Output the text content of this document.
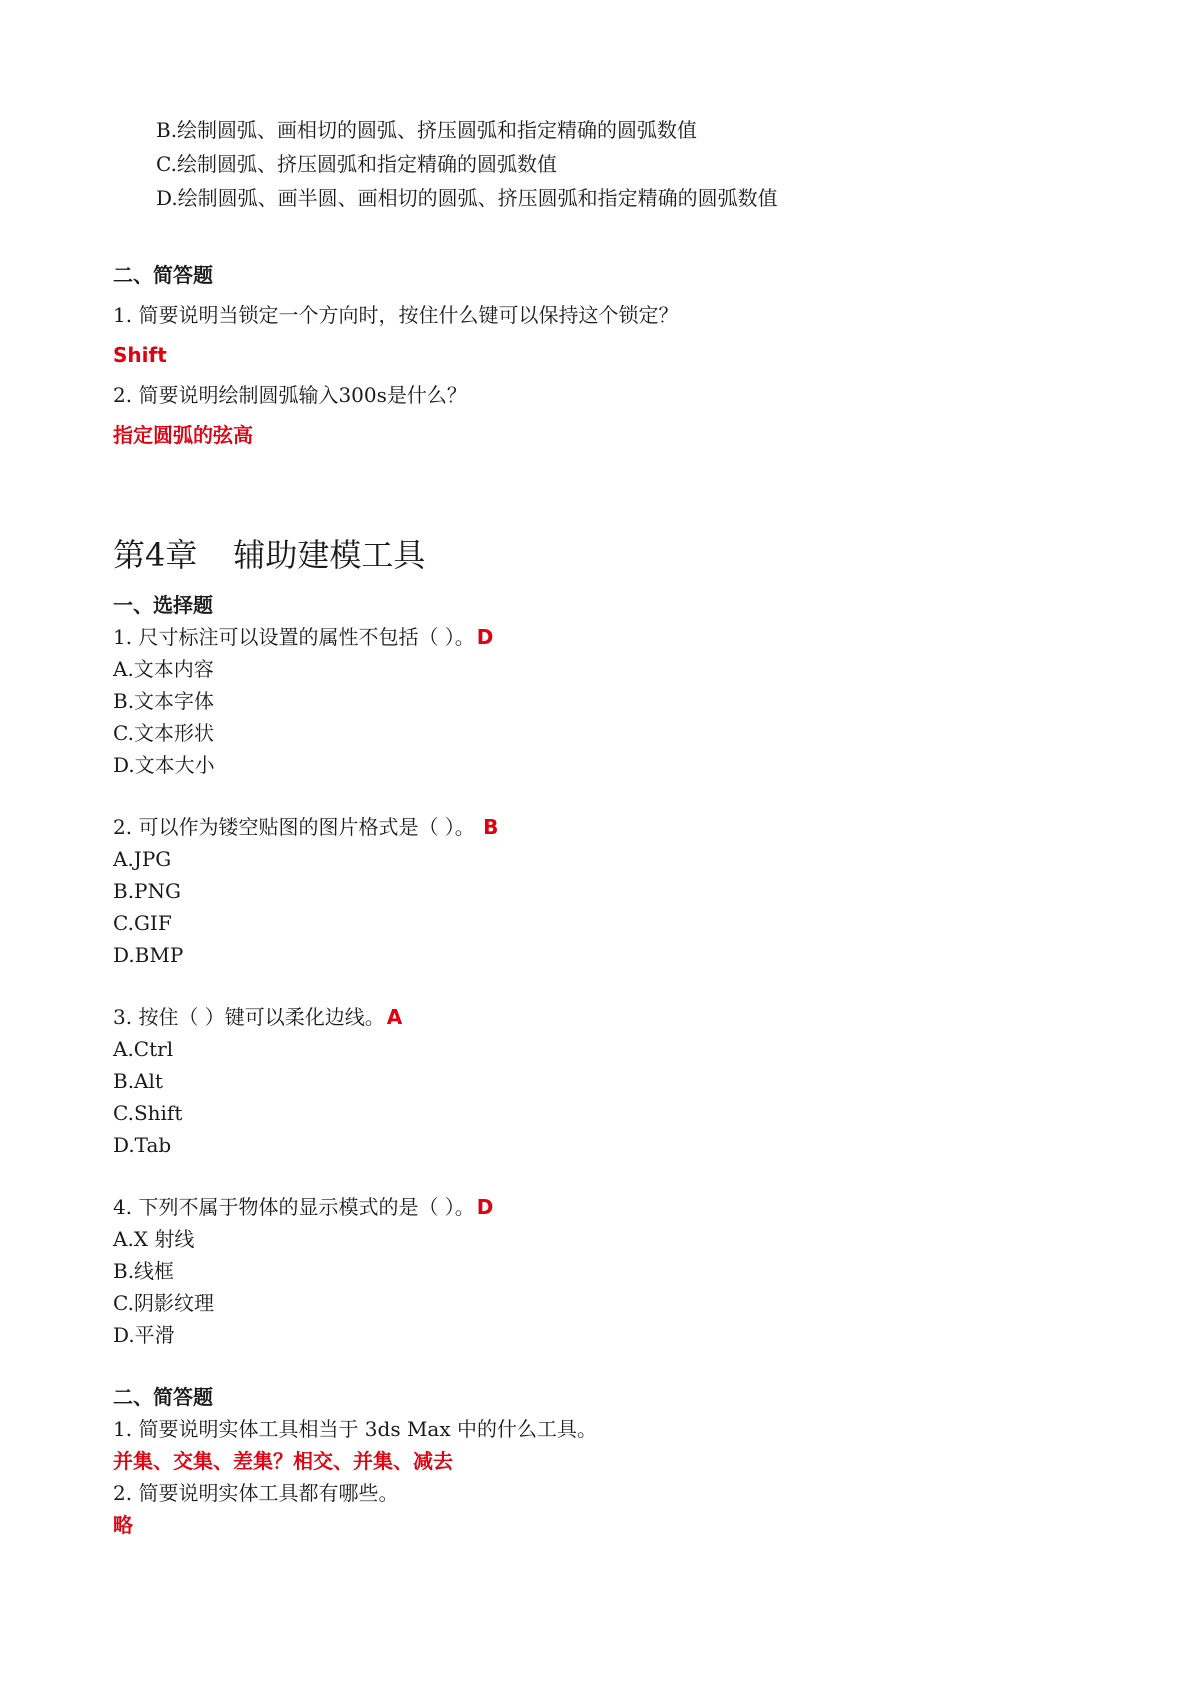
B.绘制圆弧、画相切的圆弧、挤压圆弧和指定精确的圆弧数值
C.绘制圆弧、挤压圆弧和指定精确的圆弧数值
D.绘制圆弧、画半圆、画相切的圆弧、挤压圆弧和指定精确的圆弧数值
二、简答题
1. 简要说明当锁定一个方向时，按住什么键可以保持这个锁定？
Shift
2. 简要说明绘制圆弧输入300s是什么？
指定圆弧的弦高
第4章 辅助建模工具
一、选择题
1. 尺寸标注可以设置的属性不包括（ ）。 D
A.文本内容
B.文本字体
C.文本形状
D.文本大小
2. 可以作为镂空贴图的图片格式是（ ）。 B
A.JPG
B.PNG
C.GIF
D.BMP
3. 按住（ ）键可以柔化边线。 A
A.Ctrl
B.Alt
C.Shift
D.Tab
4. 下列不属于物体的显示模式的是（ ）。 D
A.X 射线
B.线框
C.阴影纹理
D.平滑
二、简答题
1. 简要说明实体工具相当于 3ds Max 中的什么工具。
并集、交集、差集？相交、并集、减去
2. 简要说明实体工具都有哪些。
略
